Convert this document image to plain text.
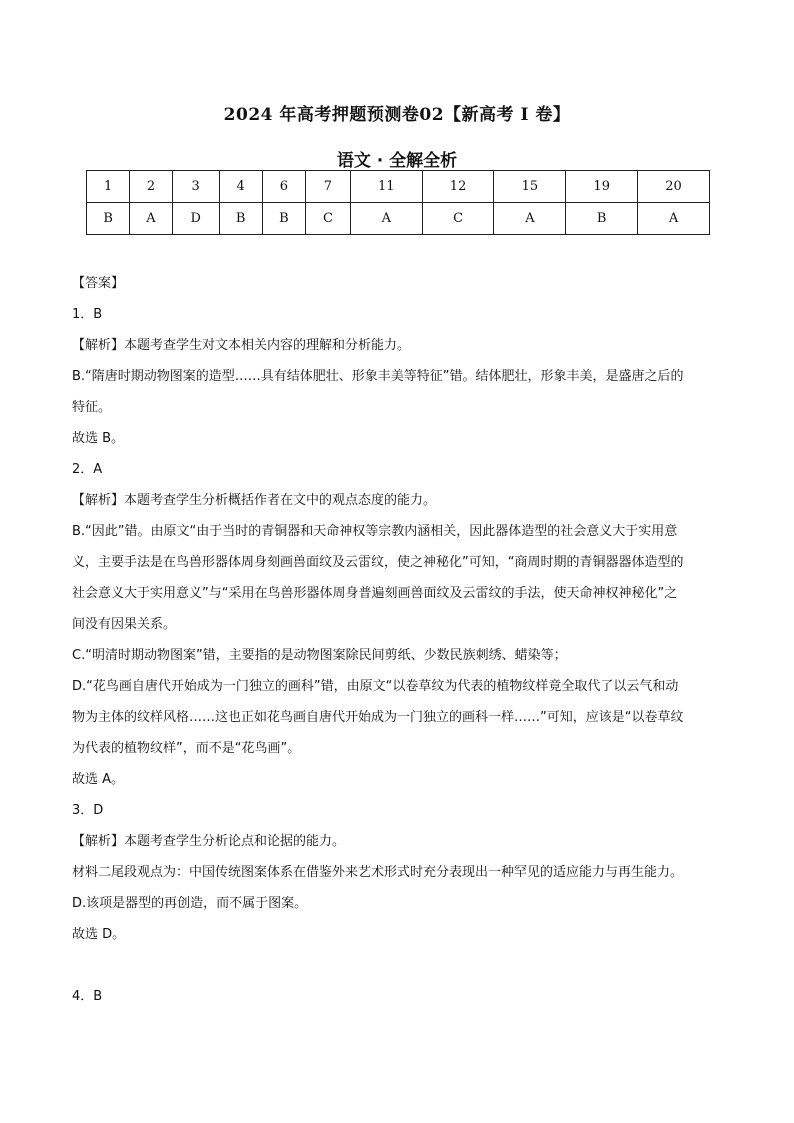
2024 年高考押题预测卷02【新高考 I 卷】
语文 · 全解全析
1	2	3	4	6	7	11	12	15	19	20
B	A	D	B	B	C	A	C	A	B	A

【答案】

1．B

【解析】本题考查学生对文本相关内容的理解和分析能力。

B.“隋唐时期动物图案的造型……具有结体肥壮、形象丰美等特征”错。结体肥壮，形象丰美，是盛唐之后的

特征。

故选 B。

2．A

【解析】本题考查学生分析概括作者在文中的观点态度的能力。

B.“因此”错。由原文“由于当时的青铜器和天命神权等宗教内涵相关，因此器体造型的社会意义大于实用意

义，主要手法是在鸟兽形器体周身刻画兽面纹及云雷纹，使之神秘化”可知，“商周时期的青铜器器体造型的

社会意义大于实用意义”与“采用在鸟兽形器体周身普遍刻画兽面纹及云雷纹的手法，使天命神权神秘化”之

间没有因果关系。

C.“明清时期动物图案”错，主要指的是动物图案除民间剪纸、少数民族刺绣、蜡染等；

D.“花鸟画自唐代开始成为一门独立的画科”错，由原文“以卷草纹为代表的植物纹样竟全取代了以云气和动

物为主体的纹样风格……这也正如花鸟画自唐代开始成为一门独立的画科一样……”可知，应该是“以卷草纹

为代表的植物纹样”，而不是“花鸟画”。

故选 A。

3．D

【解析】本题考查学生分析论点和论据的能力。

材料二尾段观点为：中国传统图案体系在借鉴外来艺术形式时充分表现出一种罕见的适应能力与再生能力。

D.该项是器型的再创造，而不属于图案。

故选 D。

4．B
